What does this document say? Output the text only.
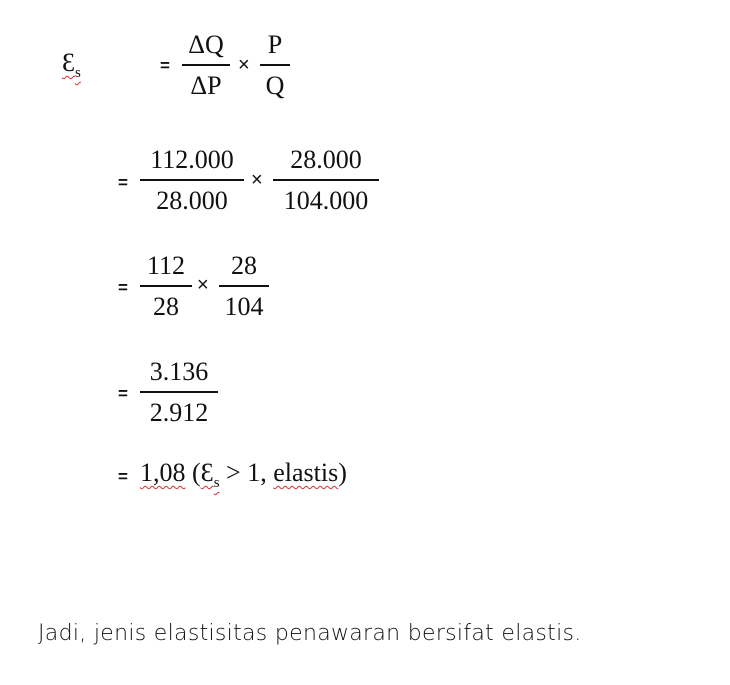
$Ɛ_s$	=
ΔQ
ΔP
×
P
Q
=
112.000
28.000
×
28.000
104.000
=
112
28
×
28
104
=
3.136
2.912
= 1,08 ($Ɛ_s > 1$, elastis)

Jadi, jenis elastisitas penawaran bersifat elastis.
